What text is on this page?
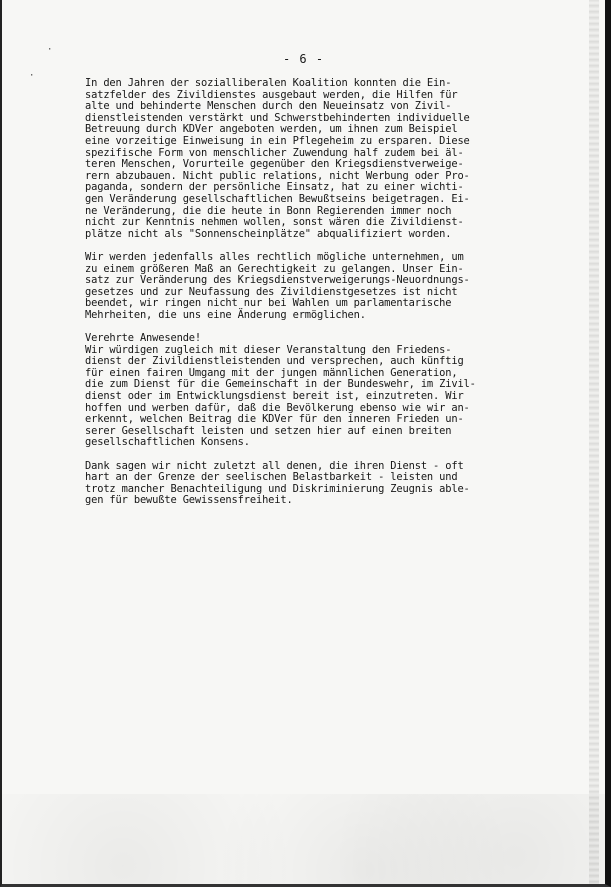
·
·
- 6 -
In den Jahren der sozialliberalen Koalition konnten die Ein-
satzfelder des Zivildienstes ausgebaut werden, die Hilfen für
alte und behinderte Menschen durch den Neueinsatz von Zivil-
dienstleistenden verstärkt und Schwerstbehinderten individuelle
Betreuung durch KDVer angeboten werden, um ihnen zum Beispiel
eine vorzeitige Einweisung in ein Pflegeheim zu ersparen. Diese
spezifische Form von menschlicher Zuwendung half zudem bei äl-
teren Menschen, Vorurteile gegenüber den Kriegsdienstverweige-
rern abzubauen. Nicht public relations, nicht Werbung oder Pro-
paganda, sondern der persönliche Einsatz, hat zu einer wichti-
gen Veränderung gesellschaftlichen Bewußtseins beigetragen. Ei-
ne Veränderung, die die heute in Bonn Regierenden immer noch
nicht zur Kenntnis nehmen wollen, sonst wären die Zivildienst-
plätze nicht als "Sonnenscheinplätze" abqualifiziert worden.
Wir werden jedenfalls alles rechtlich mögliche unternehmen, um
zu einem größeren Maß an Gerechtigkeit zu gelangen. Unser Ein-
satz zur Veränderung des Kriegsdienstverweigerungs-Neuordnungs-
gesetzes und zur Neufassung des Zivildienstgesetzes ist nicht
beendet, wir ringen nicht nur bei Wahlen um parlamentarische
Mehrheiten, die uns eine Änderung ermöglichen.
Verehrte Anwesende!
Wir würdigen zugleich mit dieser Veranstaltung den Friedens-
dienst der Zivildienstleistenden und versprechen, auch künftig
für einen fairen Umgang mit der jungen männlichen Generation,
die zum Dienst für die Gemeinschaft in der Bundeswehr, im Zivil-
dienst oder im Entwicklungsdienst bereit ist, einzutreten. Wir
hoffen und werben dafür, daß die Bevölkerung ebenso wie wir an-
erkennt, welchen Beitrag die KDVer für den inneren Frieden un-
serer Gesellschaft leisten und setzen hier auf einen breiten
gesellschaftlichen Konsens.
Dank sagen wir nicht zuletzt all denen, die ihren Dienst - oft
hart an der Grenze der seelischen Belastbarkeit - leisten und
trotz mancher Benachteiligung und Diskriminierung Zeugnis able-
gen für bewußte Gewissensfreiheit.
